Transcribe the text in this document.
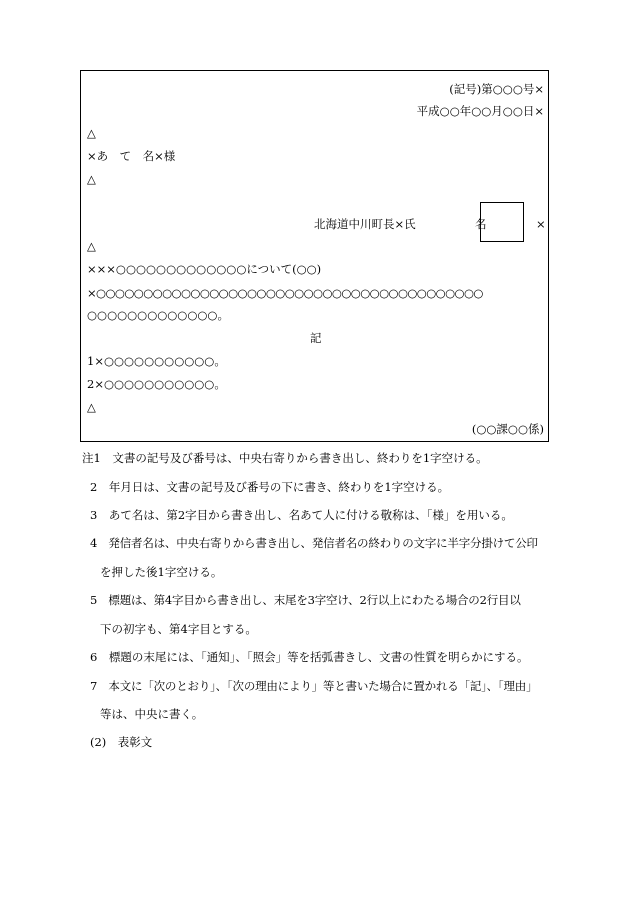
(記号)第○○○号×
平成○○年○○月○○日×
△
×あ　て　名×様
△
北海道中川町長×氏	名	×
△
×××○○○○○○○○○○○○○について(○○)
×○○○○○○○○○○○○○○○○○○○○○○○○○○○○○○○○○○○○○○○○○
○○○○○○○○○○○○○。
記
1×○○○○○○○○○○○。
2×○○○○○○○○○○○。
△
(○○課○○係)
注1　文書の記号及び番号は、中央右寄りから書き出し、終わりを1字空ける。
2　年月日は、文書の記号及び番号の下に書き、終わりを1字空ける。
3　あて名は、第2字目から書き出し、名あて人に付ける敬称は、「様」を用いる。
4　発信者名は、中央右寄りから書き出し、発信者名の終わりの文字に半字分掛けて公印
を押した後1字空ける。
5　標題は、第4字目から書き出し、末尾を3字空け、2行以上にわたる場合の2行目以
下の初字も、第4字目とする。
6　標題の末尾には、「通知」、「照会」等を括弧書きし、文書の性質を明らかにする。
7　本文に「次のとおり」、「次の理由により」等と書いた場合に置かれる「記」、「理由」
等は、中央に書く。
(2)　表彰文
